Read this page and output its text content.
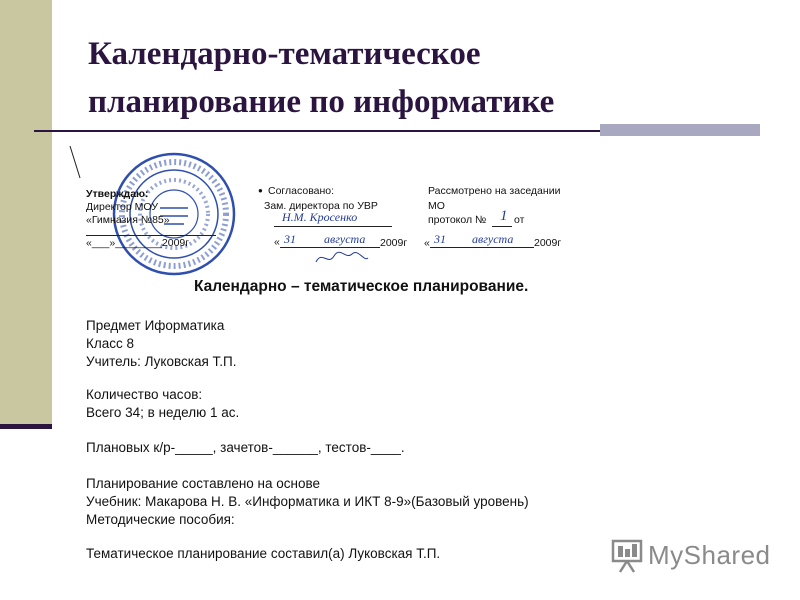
Календарно-тематическое
планирование по информатике
Утверждаю:
Директор МОУ
«Гимназия №85»
«___»________2009г
● Согласовано:
Зам. директора по УВР
Н.М. Кросенко
« 31 августа 2009г
Рассмотрено на заседании
МО
протокол № 1 от
« 31 августа 2009г
Календарно – тематическое планирование.
Предмет Иформатика
Класс 8
Учитель: Луковская Т.П.
Количество часов:
Всего 34; в неделю 1 ас.
Плановых к/р-_____, зачетов-______, тестов-____.
Планирование составлено на основе
Учебник: Макарова Н. В. «Информатика и ИКТ 8-9»(Базовый уровень)
Методические пособия:
Тематическое планирование составил(а) Луковская Т.П.	MyShared
